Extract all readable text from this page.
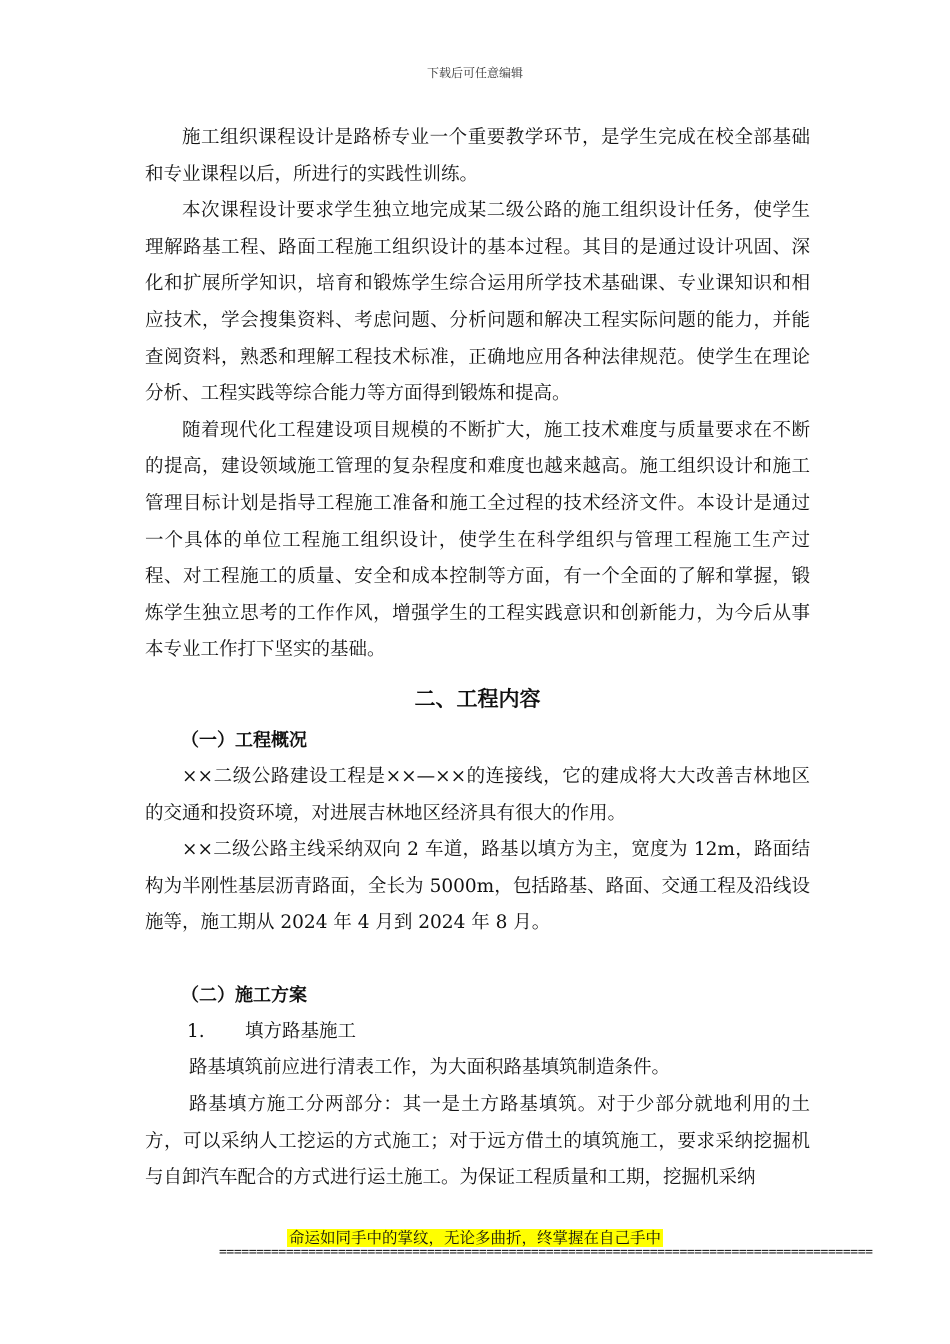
下载后可任意编辑

施工组织课程设计是路桥专业一个重要教学环节，是学生完成在校全部基础和专业课程以后，所进行的实践性训练。

本次课程设计要求学生独立地完成某二级公路的施工组织设计任务，使学生理解路基工程、路面工程施工组织设计的基本过程。其目的是通过设计巩固、深化和扩展所学知识，培育和锻炼学生综合运用所学技术基础课、专业课知识和相应技术，学会搜集资料、考虑问题、分析问题和解决工程实际问题的能力，并能查阅资料，熟悉和理解工程技术标准，正确地应用各种法律规范。使学生在理论分析、工程实践等综合能力等方面得到锻炼和提高。

随着现代化工程建设项目规模的不断扩大，施工技术难度与质量要求在不断的提高，建设领域施工管理的复杂程度和难度也越来越高。施工组织设计和施工管理目标计划是指导工程施工准备和施工全过程的技术经济文件。本设计是通过一个具体的单位工程施工组织设计，使学生在科学组织与管理工程施工生产过程、对工程施工的质量、安全和成本控制等方面，有一个全面的了解和掌握，锻炼学生独立思考的工作作风，增强学生的工程实践意识和创新能力，为今后从事本专业工作打下坚实的基础。

二、工程内容
（一）工程概况

××二级公路建设工程是××—××的连接线，它的建成将大大改善吉林地区的交通和投资环境，对进展吉林地区经济具有很大的作用。

××二级公路主线采纳双向 2 车道，路基以填方为主，宽度为 12m，路面结构为半刚性基层沥青路面，全长为 5000m，包括路基、路面、交通工程及沿线设施等，施工期从 2024 年 4 月到 2024 年 8 月。

（二）施工方案

1. 填方路基施工

路基填筑前应进行清表工作，为大面积路基填筑制造条件。

路基填方施工分两部分：其一是土方路基填筑。对于少部分就地利用的土方，可以采纳人工挖运的方式施工；对于远方借土的填筑施工，要求采纳挖掘机与自卸汽车配合的方式进行运土施工。为保证工程质量和工期，挖掘机采纳

命运如同手中的掌纹，无论多曲折，终掌握在自己手中
========================================================================================
